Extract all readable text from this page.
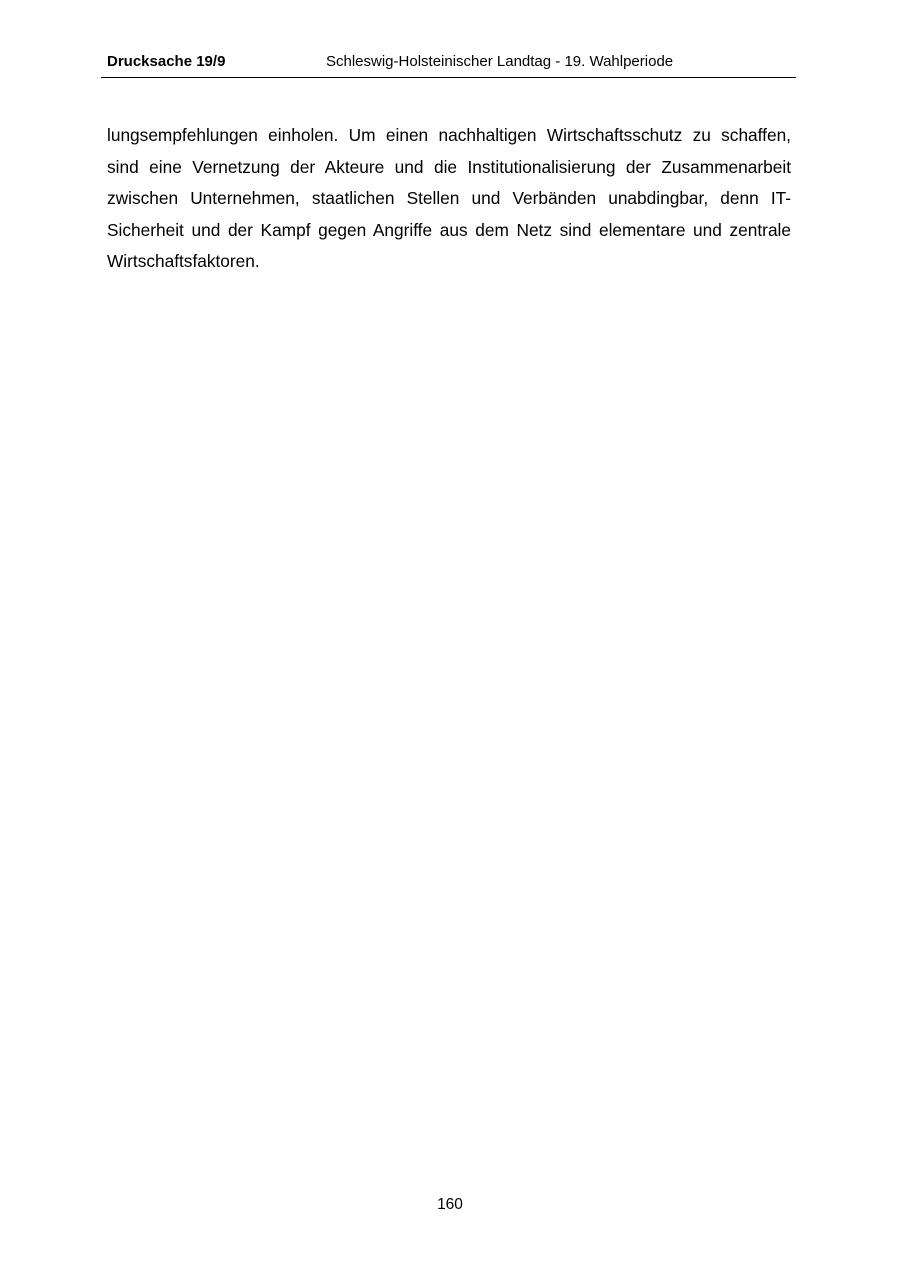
Drucksache 19/9	Schleswig-Holsteinischer Landtag - 19. Wahlperiode
lungsempfehlungen einholen. Um einen nachhaltigen Wirtschaftsschutz zu schaffen,
sind eine Vernetzung der Akteure und die Institutionalisierung der Zusammenarbeit
zwischen Unternehmen, staatlichen Stellen und Verbänden unabdingbar, denn IT-
Sicherheit und der Kampf gegen Angriffe aus dem Netz sind elementare und zentrale
Wirtschaftsfaktoren.
160
